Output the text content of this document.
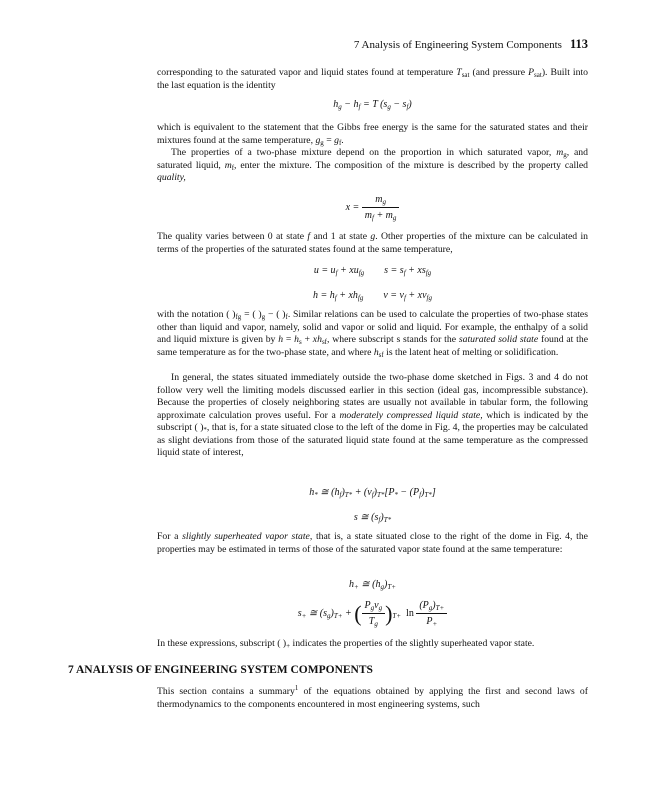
7 Analysis of Engineering System Components 113

corresponding to the saturated vapor and liquid states found at temperature $T_{sat}$ (and pressure $P_{sat}$). Built into the last equation is the identity

$h_g - h_f = T$ $(s_g - s_f)$

which is equivalent to the statement that the Gibbs free energy is the same for the saturated states and their mixtures found at the same temperature, $g_g = g_f$.

The properties of a two-phase mixture depend on the proportion in which saturated vapor, $m_g$, and saturated liquid, $m_f$, enter the mixture. The composition of the mixture is described by the property called quality,

$x = \frac{m_g}{m_f + m_g}$

The quality varies between 0 at state f and 1 at state g. Other properties of the mixture can be calculated in terms of the properties of the saturated states found at the same temperature,

$u = u_f + xu_{fg}$        $s = s_f + xs_{fg}$
$h = h_f + xh_{fg}$        $v = v_f + xv_{fg}$

with the notation ( )$_{fg}$ = ( )$_g$ − ( )$_f$. Similar relations can be used to calculate the properties of two-phase states other than liquid and vapor, namely, solid and vapor or solid and liquid. For example, the enthalpy of a solid and liquid mixture is given by $h = h_s + xh_{sf}$, where subscript s stands for the saturated solid state found at the same temperature as for the two-phase state, and where $h_{sf}$ is the latent heat of melting or solidification.

In general, the states situated immediately outside the two-phase dome sketched in Figs. 3 and 4 do not follow very well the limiting models discussed earlier in this section (ideal gas, incompressible substance). Because the properties of closely neighboring states are usually not available in tabular form, the following approximate calculation proves useful. For a moderately compressed liquid state, which is indicated by the subscript ( )$_*$, that is, for a state situated close to the left of the dome in Fig. 4, the properties may be calculated as slight deviations from those of the saturated liquid state found at the same temperature as the compressed liquid state of interest,

$h_*$ ≅ $(h_f)_{T*} + (v_f)_{T*}[P_* - (P_f)_{T*}]$
s ≅ $(s_f)_{T*}$

For a slightly superheated vapor state, that is, a state situated close to the right of the dome in Fig. 4, the properties may be estimated in terms of those of the saturated vapor state found at the same temperature:

$h_+$ ≅ $(h_g)_{T+}$
$s_+$ ≅ $(s_g)_{T+}$ + ( $\frac{P_gv_g}{T_g} )_{T+}$ $\ln \frac{(P_g)_{T+}}{P_+}$

In these expressions, subscript ( )$_+$ indicates the properties of the slightly superheated vapor state.

7 ANALYSIS OF ENGINEERING SYSTEM COMPONENTS

This section contains a summary$^1$ of the equations obtained by applying the first and second laws of thermodynamics to the components encountered in most engineering systems, such
